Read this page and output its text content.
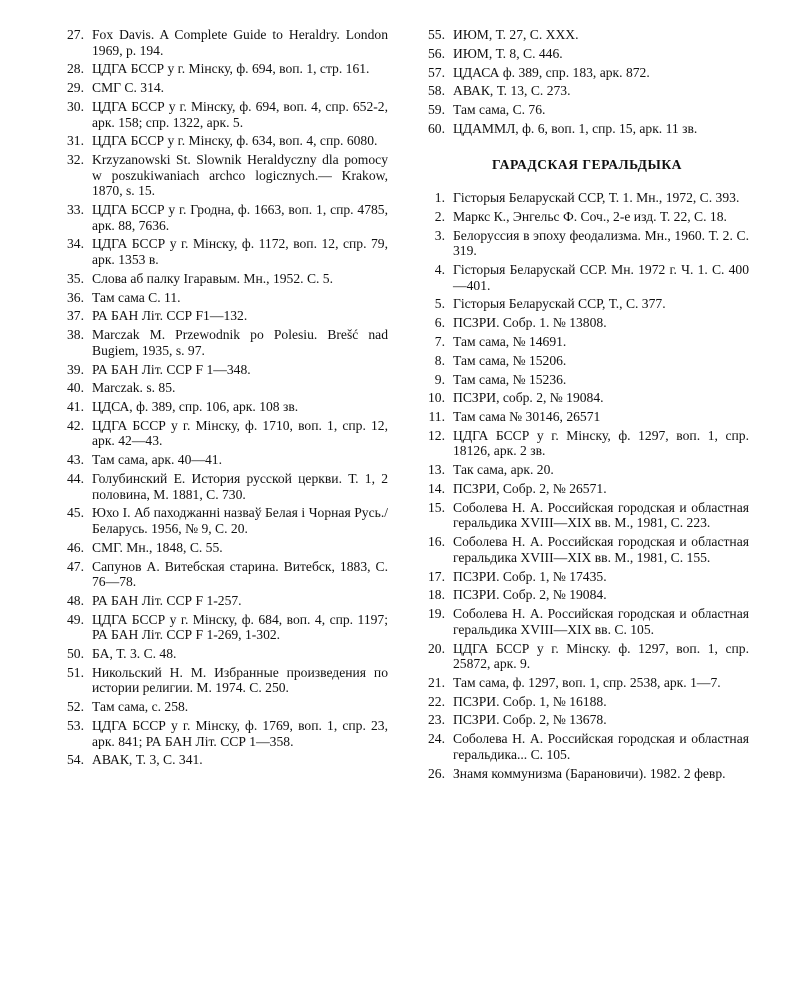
27. Fox Davis. A Complete Guide to Heraldry. London 1969, p. 194.
28. ЦДГА БССР у г. Мінску, ф. 694, воп. 1, стр. 161.
29. СМГ С. 314.
30. ЦДГА БССР у г. Мінску, ф. 694, воп. 4, спр. 652-2, арк. 158; спр. 1322, арк. 5.
31. ЦДГА БССР у г. Мінску, ф. 634, воп. 4, спр. 6080.
32. Krzyzanowski St. Slownik Heraldyczny dla pomocy w poszukiwaniach archco logicznych.— Krakow, 1870, s. 15.
33. ЦДГА БССР у г. Гродна, ф. 1663, воп. 1, спр. 4785, арк. 88, 7636.
34. ЦДГА БССР у г. Мінску, ф. 1172, воп. 12, спр. 79, арк. 1353 в.
35. Слова аб палку Ігаравым. Мн., 1952. С. 5.
36. Там сама С. 11.
37. РА БАН Літ. ССР F1—132.
38. Marczak M. Przewodnik po Polesiu. Brešć nad Bugiem, 1935, s. 97.
39. РА БАН Літ. ССР F 1—348.
40. Marczak. s. 85.
41. ЦДСА, ф. 389, спр. 106, арк. 108 зв.
42. ЦДГА БССР у г. Мінску, ф. 1710, воп. 1, спр. 12, арк. 42—43.
43. Там сама, арк. 40—41.
44. Голубинский Е. История русской церкви. Т. 1, 2 половина, М. 1881, С. 730.
45. Юхо І. Аб паходжанні назваў Белая і Чорная Русь./Беларусь. 1956, № 9, С. 20.
46. СМГ. Мн., 1848, С. 55.
47. Сапунов А. Витебская старина. Витебск, 1883, С. 76—78.
48. РА БАН Літ. ССР F 1-257.
49. ЦДГА БССР у г. Мінску, ф. 684, воп. 4, спр. 1197; РА БАН Літ. ССР F 1-269, 1-302.
50. БА, Т. 3. С. 48.
51. Никольский Н. М. Избранные произведения по истории религии. М. 1974. С. 250.
52. Там сама, с. 258.
53. ЦДГА БССР у г. Мінску, ф. 1769, воп. 1, спр. 23, арк. 841; РА БАН Літ. ССР 1—358.
54. АВАК, Т. 3, С. 341.
55. ИЮМ, Т. 27, С. XXX.
56. ИЮМ, Т. 8, С. 446.
57. ЦДАСА ф. 389, спр. 183, арк. 872.
58. АВАК, Т. 13, С. 273.
59. Там сама, С. 76.
60. ЦДАММЛ, ф. 6, воп. 1, спр. 15, арк. 11 зв.
ГАРАДСКАЯ ГЕРАЛЬДЫКА
1. Гісторыя Беларускай ССР, Т. 1. Мн., 1972, С. 393.
2. Маркс К., Энгельс Ф. Соч., 2-е изд. Т. 22, С. 18.
3. Белоруссия в эпоху феодализма. Мн., 1960. Т. 2. С. 319.
4. Гісторыя Беларускай ССР. Мн. 1972 г. Ч. 1. С. 400—401.
5. Гісторыя Беларускай ССР, Т., С. 377.
6. ПСЗРИ. Собр. 1. № 13808.
7. Там сама, № 14691.
8. Там сама, № 15206.
9. Там сама, № 15236.
10. ПСЗРИ, собр. 2, № 19084.
11. Там сама № 30146, 26571
12. ЦДГА БССР у г. Мінску, ф. 1297, воп. 1, спр. 18126, арк. 2 зв.
13. Так сама, арк. 20.
14. ПСЗРИ, Собр. 2, № 26571.
15. Соболева Н. А. Российская городская и областная геральдика XVIII—XIX вв. М., 1981, С. 223.
16. Соболева Н. А. Российская городская и областная геральдика XVIII—XIX вв. М., 1981, С. 155.
17. ПСЗРИ. Собр. 1, № 17435.
18. ПСЗРИ. Собр. 2, № 19084.
19. Соболева Н. А. Российская городская и областная геральдика XVIII—XIX вв. С. 105.
20. ЦДГА БССР у г. Мінску. ф. 1297, воп. 1, спр. 25872, арк. 9.
21. Там сама, ф. 1297, воп. 1, спр. 2538, арк. 1—7.
22. ПСЗРИ. Собр. 1, № 16188.
23. ПСЗРИ. Собр. 2, № 13678.
24. Соболева Н. А. Российская городская и областная геральдика... С. 105.
26. Знамя коммунизма (Барановичи). 1982. 2 февр.
